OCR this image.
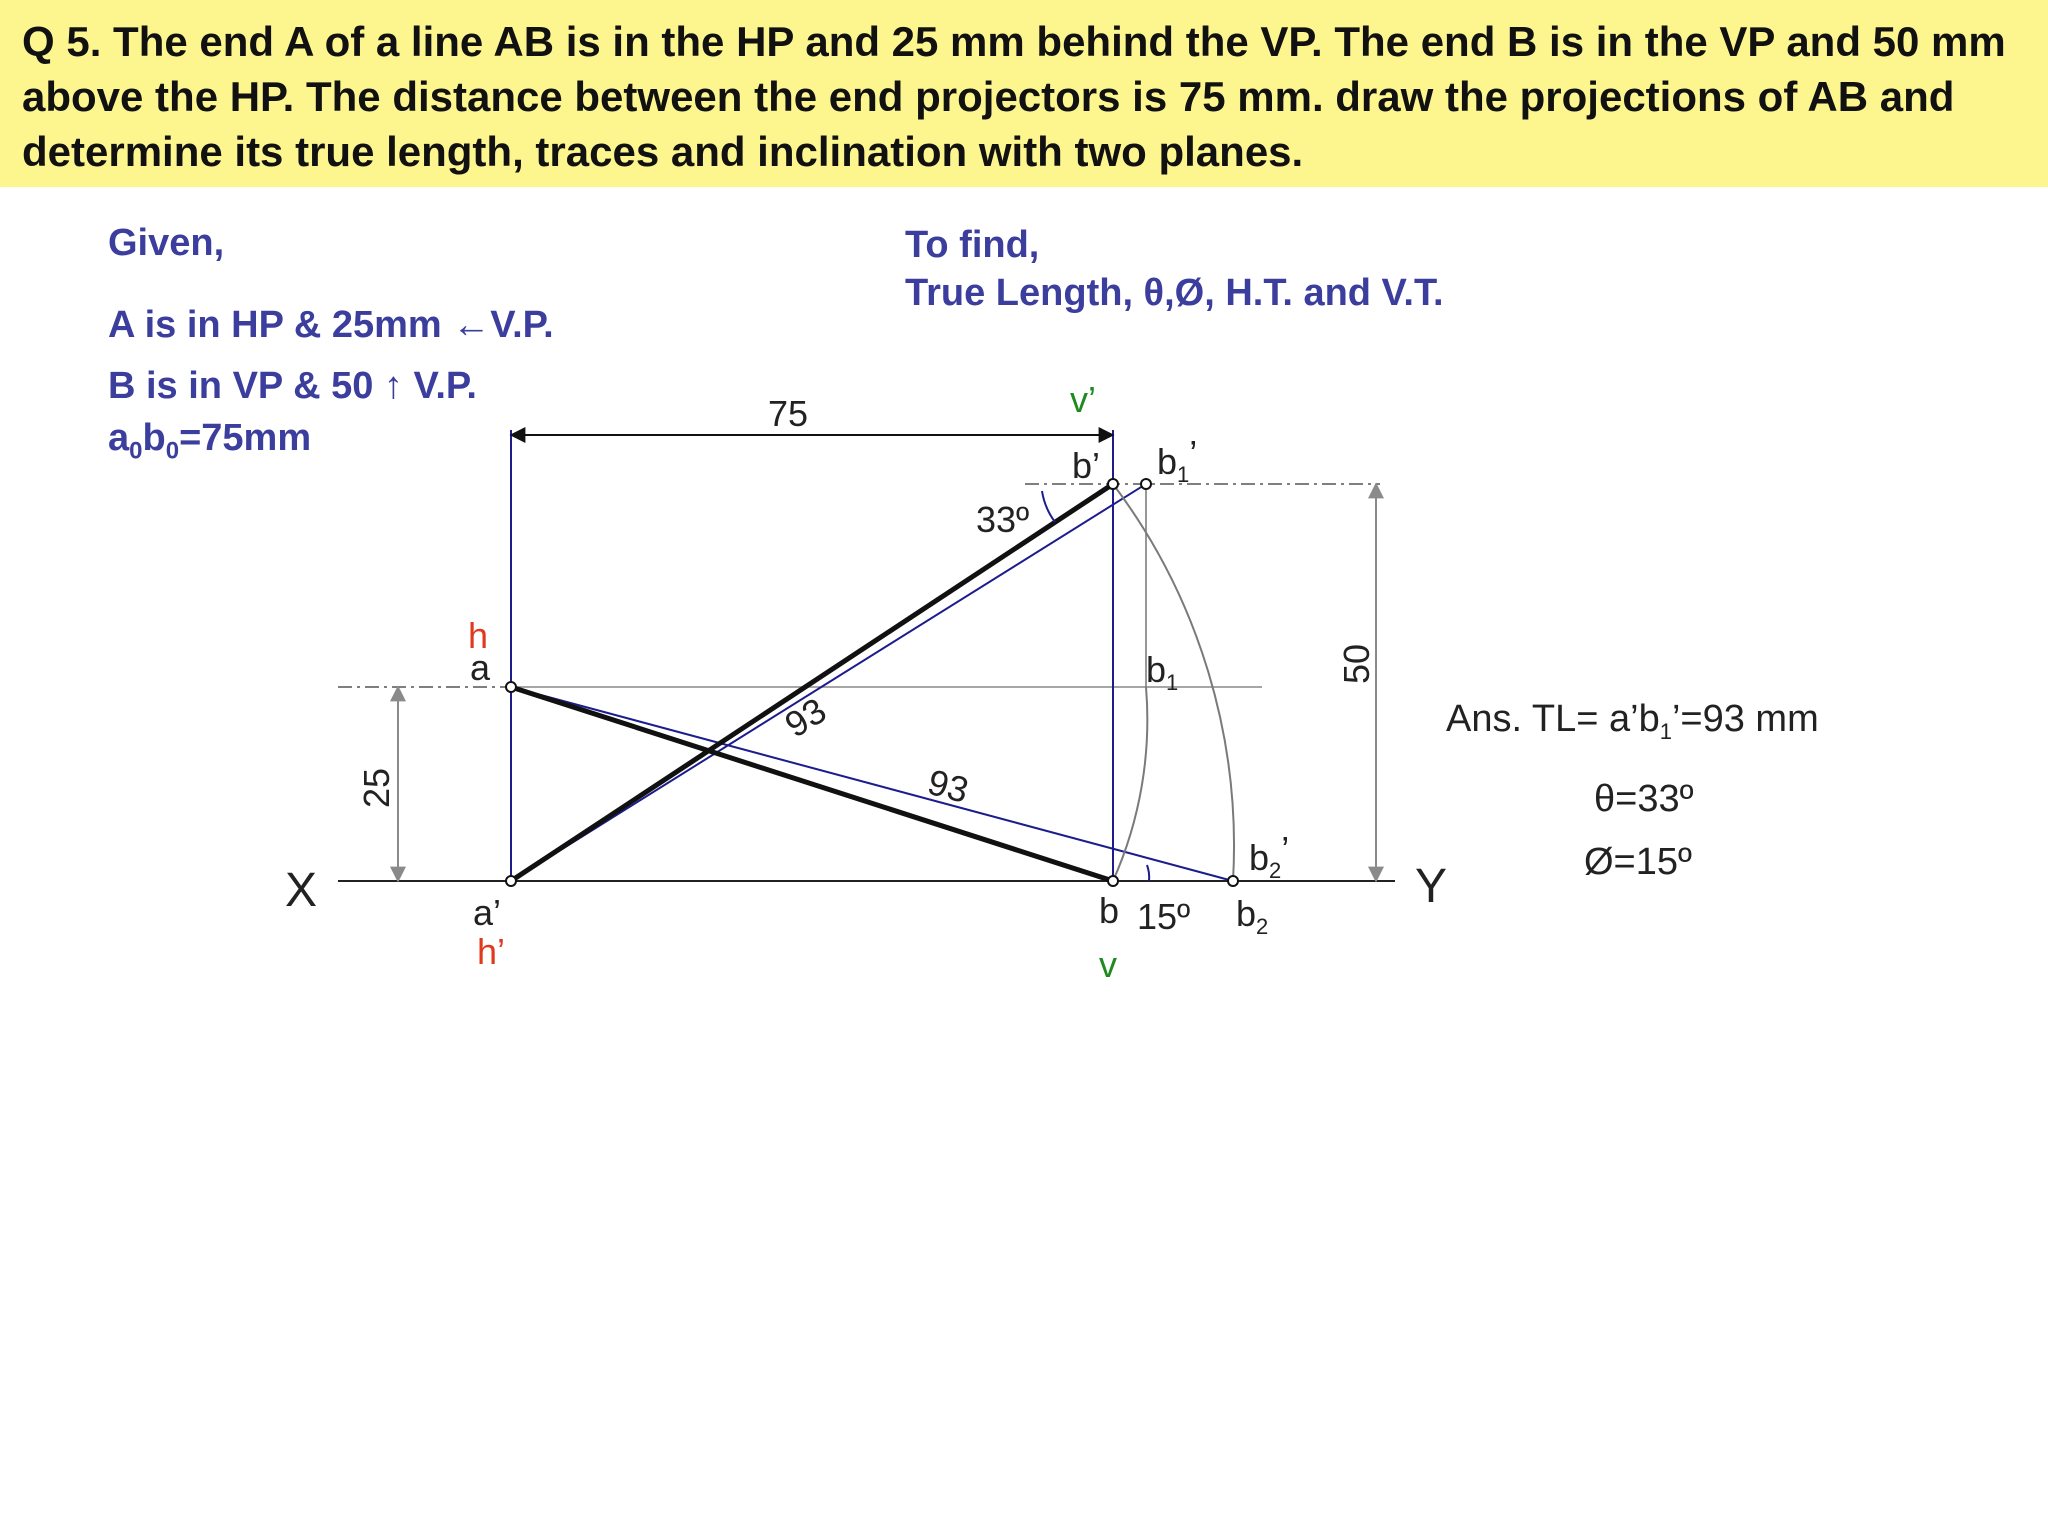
Q 5. The end A of a line AB is in the HP and 25 mm behind the VP. The end B is in the VP and 50 mm above the HP. The distance between the end projectors is 75 mm. draw the projections of AB and determine its true length, traces and inclination with two planes.

Given,

A is in HP & 25mm ←V.P.

B is in VP & 50 ↑ V.P.

$a_0b_0=75mm$

To find,

True Length, θ,Ø, H.T. and V.T.

X	Y
75
25
50
33º
15º
93
93
h
a
a’
h’
v’
b’ $b_1$’
$b_1$
$b_2$’
b	$b_2$
v
Ans. $TL= a’b_1’=93$ mm
θ=33º
Ø=15º
